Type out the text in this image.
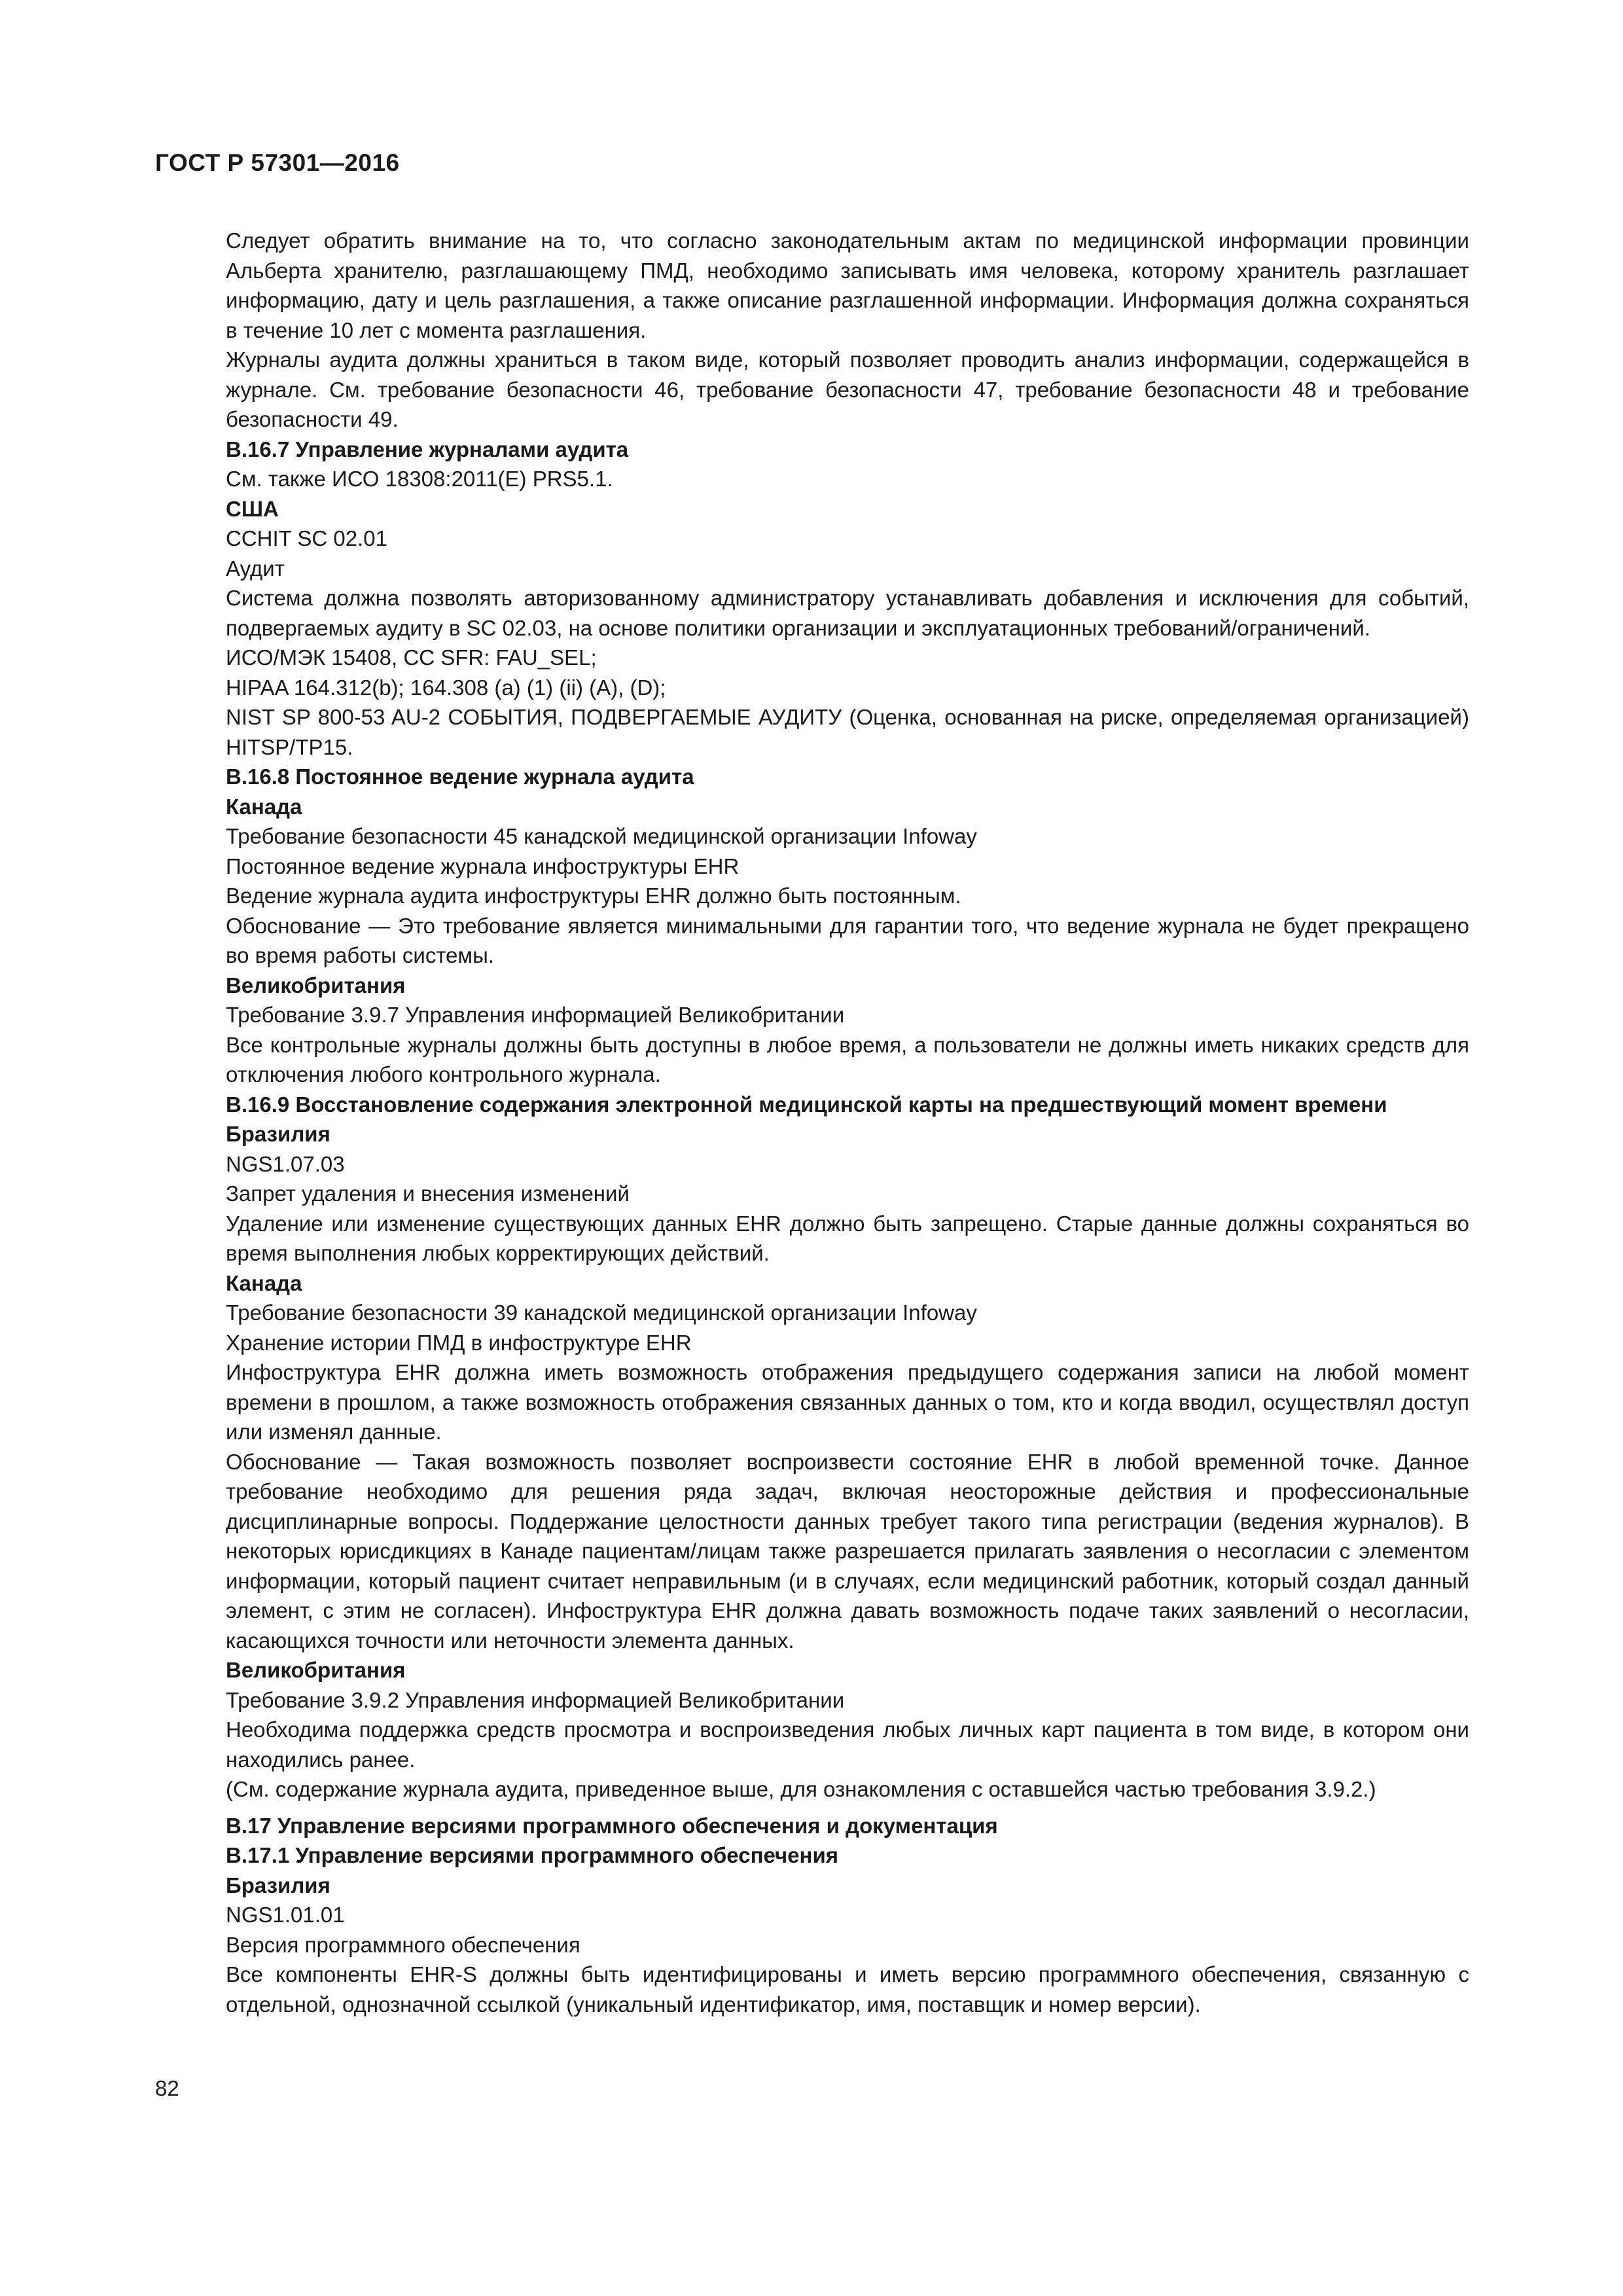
ГОСТ Р 57301—2016

Следует обратить внимание на то, что согласно законодательным актам по медицинской информации провинции Альберта хранителю, разглашающему ПМД, необходимо записывать имя человека, которому хранитель разглашает информацию, дату и цель разглашения, а также описание разглашенной информации. Информация должна сохраняться в течение 10 лет с момента разглашения.

Журналы аудита должны храниться в таком виде, который позволяет проводить анализ информации, содержащейся в журнале. См. требование безопасности 46, требование безопасности 47, требование безопасности 48 и требование безопасности 49.

В.16.7 Управление журналами аудита

См. также ИСО 18308:2011(E) PRS5.1.

США

CCHIT SC 02.01

Аудит

Система должна позволять авторизованному администратору устанавливать добавления и исключения для событий, подвергаемых аудиту в SC 02.03, на основе политики организации и эксплуатационных требований/ограничений.

ИСО/МЭК 15408, CC SFR: FAU_SEL;

HIPAA 164.312(b); 164.308 (a) (1) (ii) (A), (D);

NIST SP 800-53 AU-2 СОБЫТИЯ, ПОДВЕРГАЕМЫЕ АУДИТУ (Оценка, основанная на риске, определяемая организацией) HITSP/TP15.

В.16.8 Постоянное ведение журнала аудита

Канада

Требование безопасности 45 канадской медицинской организации Infoway

Постоянное ведение журнала инфоструктуры EHR

Ведение журнала аудита инфоструктуры EHR должно быть постоянным.

Обоснование — Это требование является минимальными для гарантии того, что ведение журнала не будет прекращено во время работы системы.

Великобритания

Требование 3.9.7 Управления информацией Великобритании

Все контрольные журналы должны быть доступны в любое время, а пользователи не должны иметь никаких средств для отключения любого контрольного журнала.

В.16.9 Восстановление содержания электронной медицинской карты на предшествующий момент времени

Бразилия

NGS1.07.03

Запрет удаления и внесения изменений

Удаление или изменение существующих данных EHR должно быть запрещено. Старые данные должны сохраняться во время выполнения любых корректирующих действий.

Канада

Требование безопасности 39 канадской медицинской организации Infoway

Хранение истории ПМД в инфоструктуре EHR

Инфоструктура EHR должна иметь возможность отображения предыдущего содержания записи на любой момент времени в прошлом, а также возможность отображения связанных данных о том, кто и когда вводил, осуществлял доступ или изменял данные.

Обоснование — Такая возможность позволяет воспроизвести состояние EHR в любой временной точке. Данное требование необходимо для решения ряда задач, включая неосторожные действия и профессиональные дисциплинарные вопросы. Поддержание целостности данных требует такого типа регистрации (ведения журналов). В некоторых юрисдикциях в Канаде пациентам/лицам также разрешается прилагать заявления о несогласии с элементом информации, который пациент считает неправильным (и в случаях, если медицинский работник, который создал данный элемент, с этим не согласен). Инфоструктура EHR должна давать возможность подаче таких заявлений о несогласии, касающихся точности или неточности элемента данных.

Великобритания

Требование 3.9.2 Управления информацией Великобритании

Необходима поддержка средств просмотра и воспроизведения любых личных карт пациента в том виде, в котором они находились ранее.

(См. содержание журнала аудита, приведенное выше, для ознакомления с оставшейся частью требования 3.9.2.)

В.17 Управление версиями программного обеспечения и документация

В.17.1 Управление версиями программного обеспечения

Бразилия

NGS1.01.01

Версия программного обеспечения

Все компоненты EHR-S должны быть идентифицированы и иметь версию программного обеспечения, связанную с отдельной, однозначной ссылкой (уникальный идентификатор, имя, поставщик и номер версии).

82
